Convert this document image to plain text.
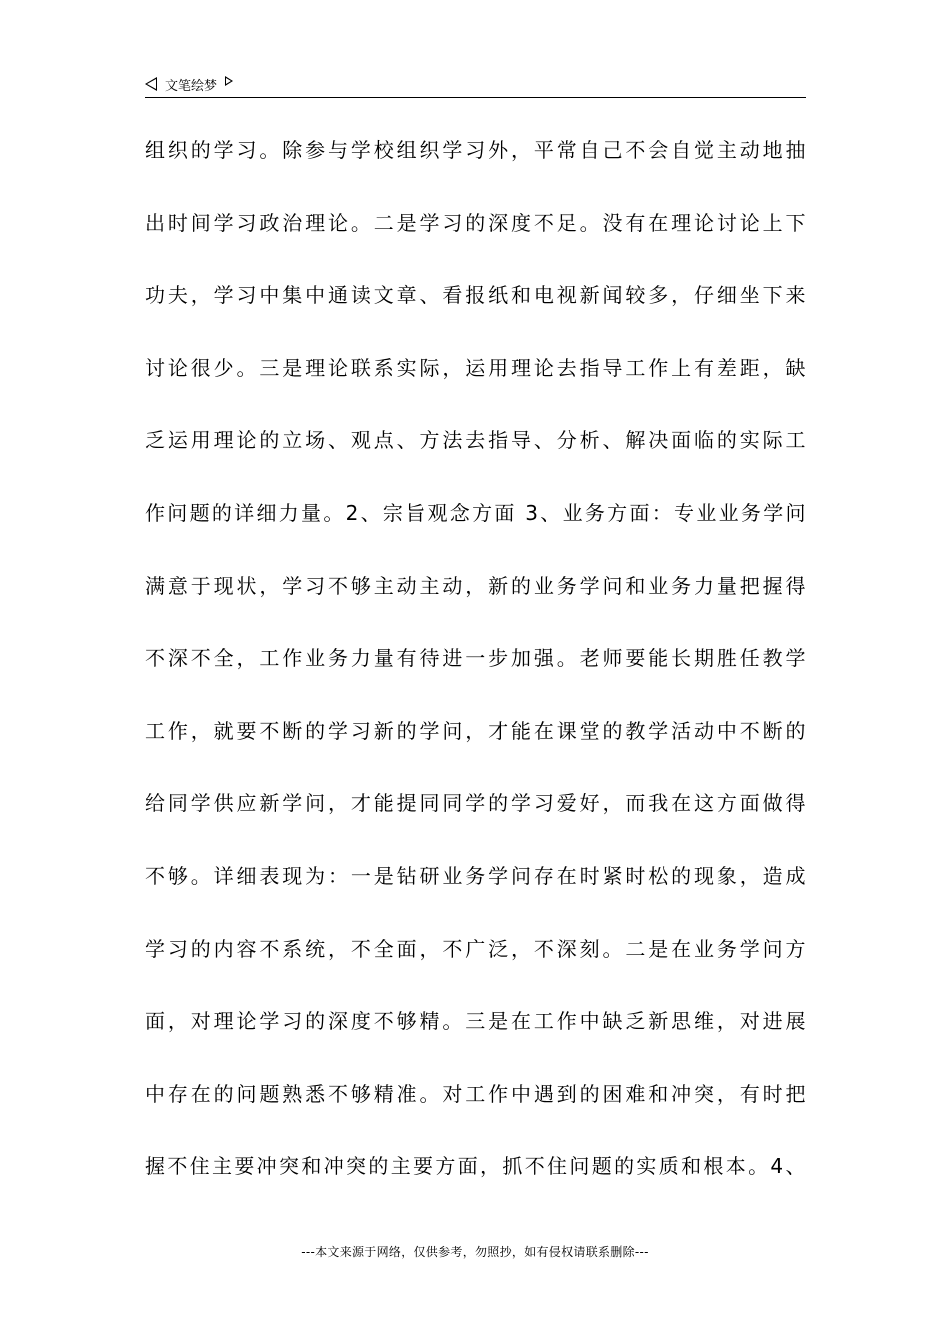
文笔绘梦
组织的学习。除参与学校组织学习外，平常自己不会自觉主动地抽
出时间学习政治理论。二是学习的深度不足。没有在理论讨论上下
功夫，学习中集中通读文章、看报纸和电视新闻较多，仔细坐下来
讨论很少。三是理论联系实际，运用理论去指导工作上有差距，缺
乏运用理论的立场、观点、方法去指导、分析、解决面临的实际工
作问题的详细力量。2、宗旨观念方面 3、业务方面：专业业务学问
满意于现状，学习不够主动主动，新的业务学问和业务力量把握得
不深不全，工作业务力量有待进一步加强。老师要能长期胜任教学
工作，就要不断的学习新的学问，才能在课堂的教学活动中不断的
给同学供应新学问，才能提同同学的学习爱好，而我在这方面做得
不够。详细表现为：一是钻研业务学问存在时紧时松的现象，造成
学习的内容不系统，不全面，不广泛，不深刻。二是在业务学问方
面，对理论学习的深度不够精。三是在工作中缺乏新思维，对进展
中存在的问题熟悉不够精准。对工作中遇到的困难和冲突，有时把
握不住主要冲突和冲突的主要方面，抓不住问题的实质和根本。4、
---本文来源于网络，仅供参考，勿照抄，如有侵权请联系删除---
